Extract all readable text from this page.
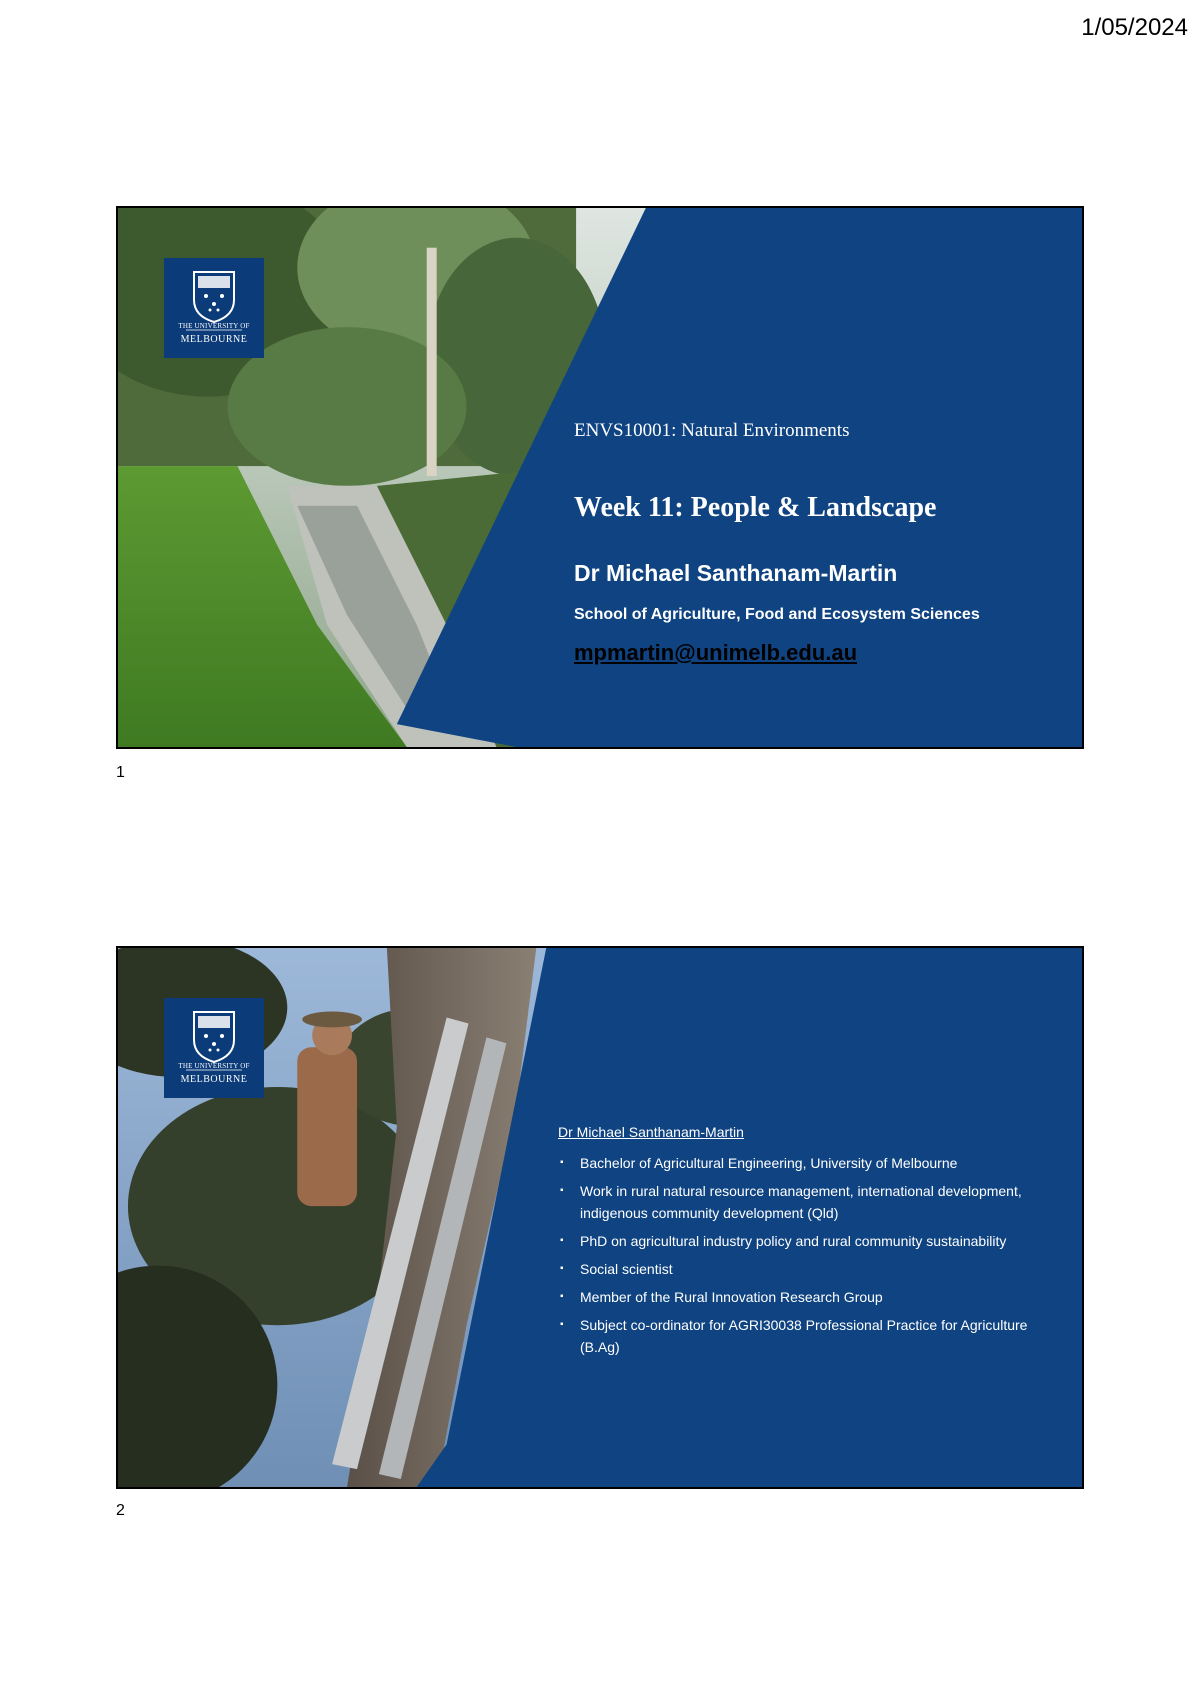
1/05/2024
THE UNIVERSITY OF
MELBOURNE
ENVS10001: Natural Environments
Week 11: People & Landscape
Dr Michael Santhanam-Martin
School of Agriculture, Food and Ecosystem Sciences
mpmartin@unimelb.edu.au
1
THE UNIVERSITY OF
MELBOURNE
Dr Michael Santhanam-Martin
▪ Bachelor of Agricultural Engineering, University of Melbourne
▪ Work in rural natural resource management, international development, indigenous community development (Qld)
▪ PhD on agricultural industry policy and rural community sustainability
▪ Social scientist
▪ Member of the Rural Innovation Research Group
▪ Subject co-ordinator for AGRI30038 Professional Practice for Agriculture (B.Ag)
2
